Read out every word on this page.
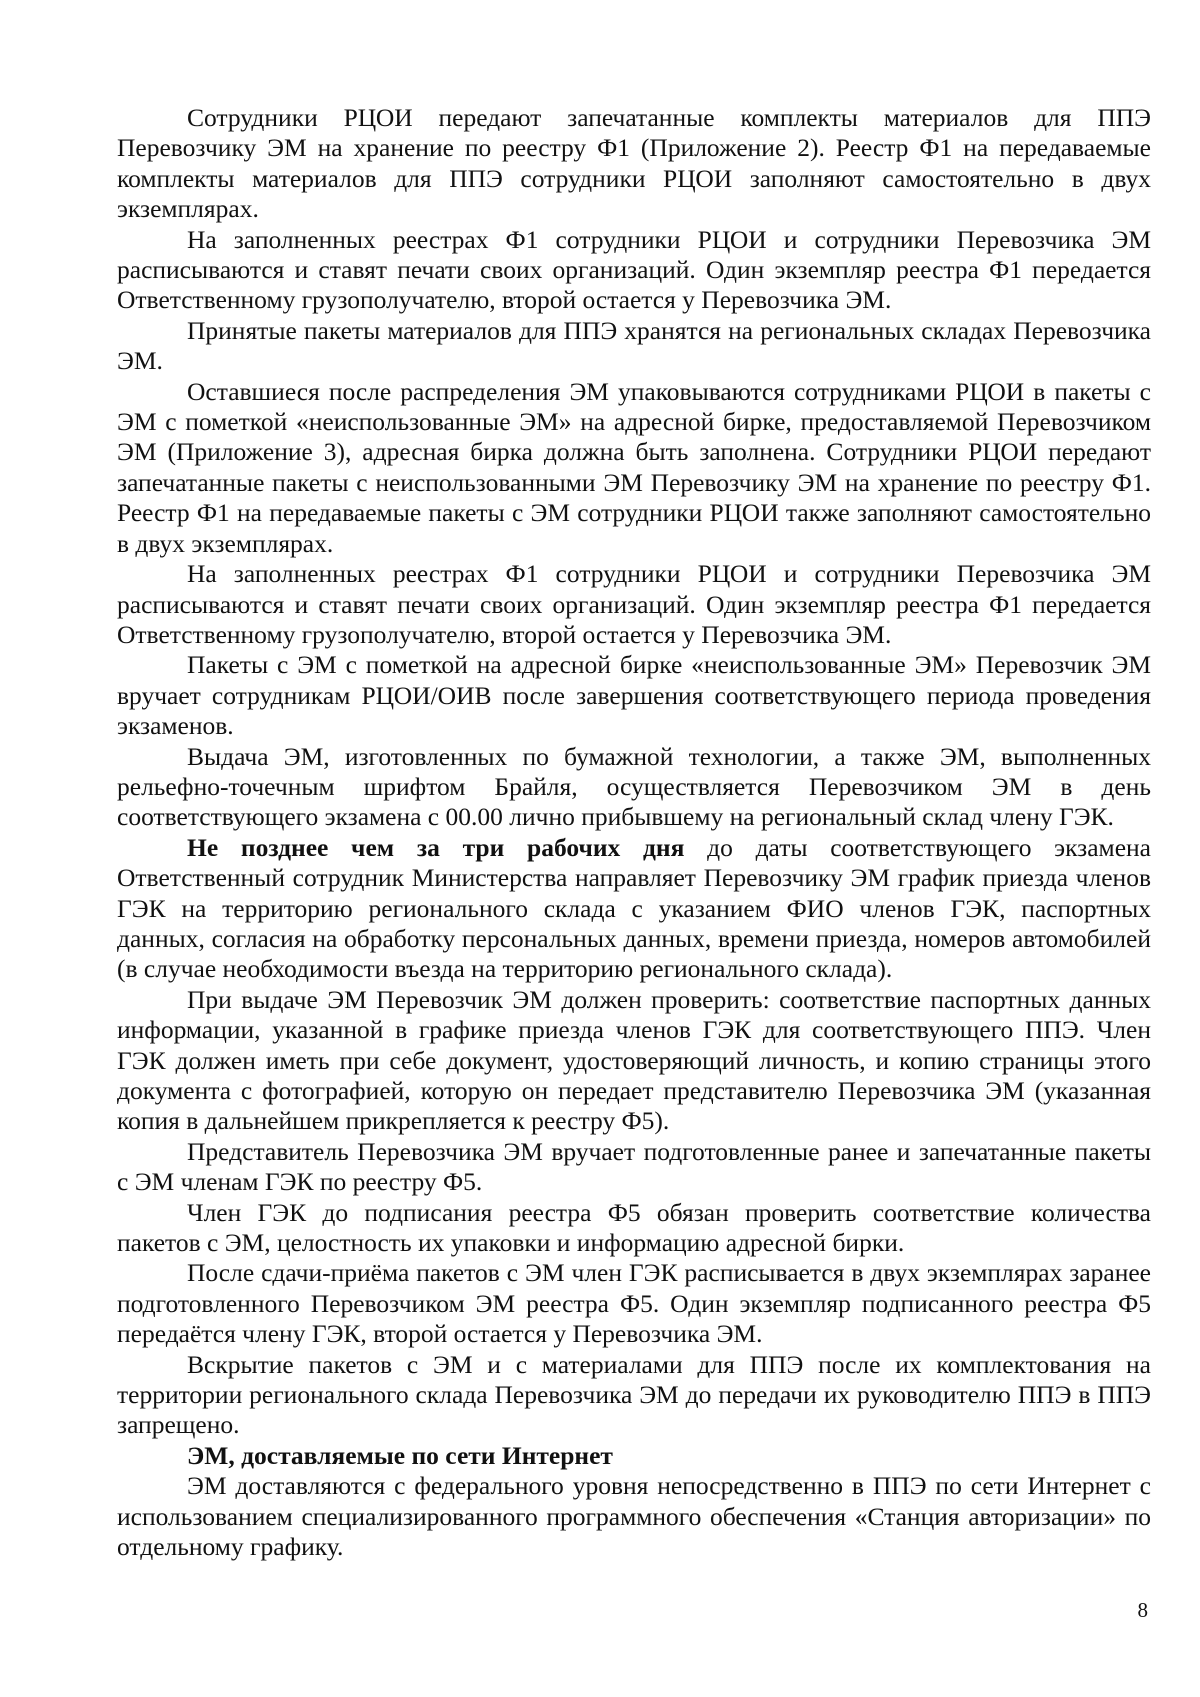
Сотрудники РЦОИ передают запечатанные комплекты материалов для ППЭ Перевозчику ЭМ на хранение по реестру Ф1 (Приложение 2). Реестр Ф1 на передаваемые комплекты материалов для ППЭ сотрудники РЦОИ заполняют самостоятельно в двух экземплярах.

На заполненных реестрах Ф1 сотрудники РЦОИ и сотрудники Перевозчика ЭМ расписываются и ставят печати своих организаций. Один экземпляр реестра Ф1 передается Ответственному грузополучателю, второй остается у Перевозчика ЭМ.

Принятые пакеты материалов для ППЭ хранятся на региональных складах Перевозчика ЭМ.

Оставшиеся после распределения ЭМ упаковываются сотрудниками РЦОИ в пакеты с ЭМ с пометкой «неиспользованные ЭМ» на адресной бирке, предоставляемой Перевозчиком ЭМ (Приложение 3), адресная бирка должна быть заполнена. Сотрудники РЦОИ передают запечатанные пакеты с неиспользованными ЭМ Перевозчику ЭМ на хранение по реестру Ф1. Реестр Ф1 на передаваемые пакеты с ЭМ сотрудники РЦОИ также заполняют самостоятельно в двух экземплярах.

На заполненных реестрах Ф1 сотрудники РЦОИ и сотрудники Перевозчика ЭМ расписываются и ставят печати своих организаций. Один экземпляр реестра Ф1 передается Ответственному грузополучателю, второй остается у Перевозчика ЭМ.

Пакеты с ЭМ с пометкой на адресной бирке «неиспользованные ЭМ» Перевозчик ЭМ вручает сотрудникам РЦОИ/ОИВ после завершения соответствующего периода проведения экзаменов.

Выдача ЭМ, изготовленных по бумажной технологии, а также ЭМ, выполненных рельефно-точечным шрифтом Брайля, осуществляется Перевозчиком ЭМ в день соответствующего экзамена с 00.00 лично прибывшему на региональный склад члену ГЭК.

Не позднее чем за три рабочих дня до даты соответствующего экзамена Ответственный сотрудник Министерства направляет Перевозчику ЭМ график приезда членов ГЭК на территорию регионального склада с указанием ФИО членов ГЭК, паспортных данных, согласия на обработку персональных данных, времени приезда, номеров автомобилей (в случае необходимости въезда на территорию регионального склада).

При выдаче ЭМ Перевозчик ЭМ должен проверить: соответствие паспортных данных информации, указанной в графике приезда членов ГЭК для соответствующего ППЭ. Член ГЭК должен иметь при себе документ, удостоверяющий личность, и копию страницы этого документа с фотографией, которую он передает представителю Перевозчика ЭМ (указанная копия в дальнейшем прикрепляется к реестру Ф5).

Представитель Перевозчика ЭМ вручает подготовленные ранее и запечатанные пакеты с ЭМ членам ГЭК по реестру Ф5.

Член ГЭК до подписания реестра Ф5 обязан проверить соответствие количества пакетов с ЭМ, целостность их упаковки и информацию адресной бирки.

После сдачи-приёма пакетов с ЭМ член ГЭК расписывается в двух экземплярах заранее подготовленного Перевозчиком ЭМ реестра Ф5. Один экземпляр подписанного реестра Ф5 передаётся члену ГЭК, второй остается у Перевозчика ЭМ.

Вскрытие пакетов с ЭМ и с материалами для ППЭ после их комплектования на территории регионального склада Перевозчика ЭМ до передачи их руководителю ППЭ в ППЭ запрещено.

ЭМ, доставляемые по сети Интернет

ЭМ доставляются с федерального уровня непосредственно в ППЭ по сети Интернет с использованием специализированного программного обеспечения «Станция авторизации» по отдельному графику.

8
